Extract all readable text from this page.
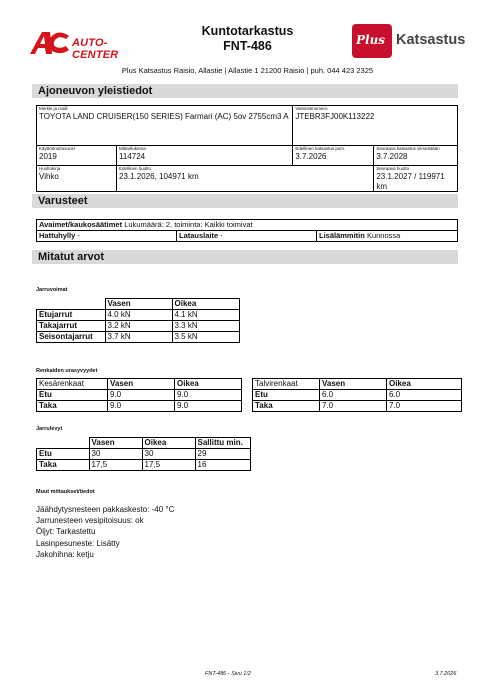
AUTO-CENTER
Kuntotarkastus
FNT-486	Plus Katsastus
Plus Katsastus Raisio, Allastie | Allastie 1 21200 Raisio | puh. 044 423 2325
Ajoneuvon yleistiedot
Merkki ja malli
TOYOTA LAND CRUISER(150 SERIES) Farmari (AC) 5ov 2755cm3 A		Valmistenumero
JTEBR3FJ00K113222	

Käyttöönottovuosi
2019	Mittarilukema
114724	Edellinen katsastus pvm.
3.7.2026	Seuraava katsastus viimeistään
3.7.2028

Huoltokirja
Vihko	Edellinen huolto
23.1.2026, 104971 km		Seuraava huolto
23.1.2027 / 119971 km
Varusteet
Avaimet/kaukosäätimet Lukumäärä: 2, toiminta: Kaikki toimivat
Hattuhylly -	Latauslaite -	Lisälämmitin Kunnossa
Mitatut arvot
Jarruvoimat
	Vasen	Oikea
Etujarrut	4.0 kN	4.1 kN
Takajarrut	3.2 kN	3.3 kN
Seisontajarrut	3.7 kN	3.5 kN
Renkaiden urasyvyydet
Kesärenkaat	Vasen	Oikea
Etu	9.0	9.0
Taka	9.0	9.0
Talvirenkaat	Vasen	Oikea
Etu	6.0	6.0
Taka	7.0	7.0
Jarrulevyt
	Vasen	Oikea	Sallittu min.
Etu	30	30	29
Taka	17,5	17,5	16
Muut mittaukset/tiedot
Jäähdytysnesteen pakkaskesto: -40 °C
Jarrunesteen vesipitoisuus: ok
Öljyt: Tarkastettu
Lasinpesuneste: Lisätty
Jakohihna: ketju
FNT-486 - Sivu 1/2	3.7.2026
